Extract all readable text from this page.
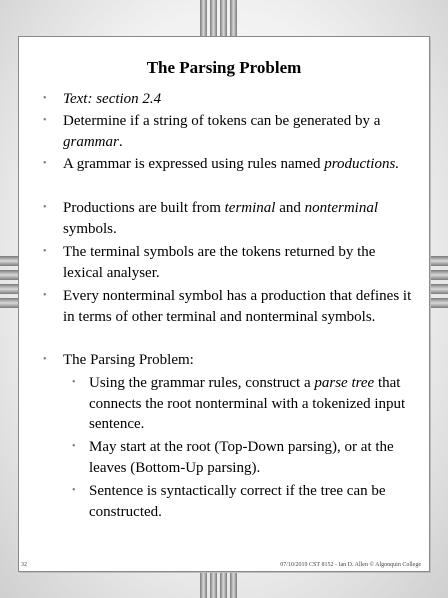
The Parsing Problem
• Text: section 2.4
• Determine if a string of tokens can be generated by a grammar.
• A grammar is expressed using rules named productions.
• Productions are built from terminal and nonterminal symbols.
• The terminal symbols are the tokens returned by the lexical analyser.
• Every nonterminal symbol has a production that defines it in terms of other terminal and nonterminal symbols.
• The Parsing Problem:
• Using the grammar rules, construct a parse tree that connects the root nonterminal with a tokenized input sentence.
• May start at the root (Top-Down parsing), or at the leaves (Bottom-Up parsing).
• Sentence is syntactically correct if the tree can be constructed.
32	07/10/2019 CST 8152 - Ian D. Allen © Algonquin College
